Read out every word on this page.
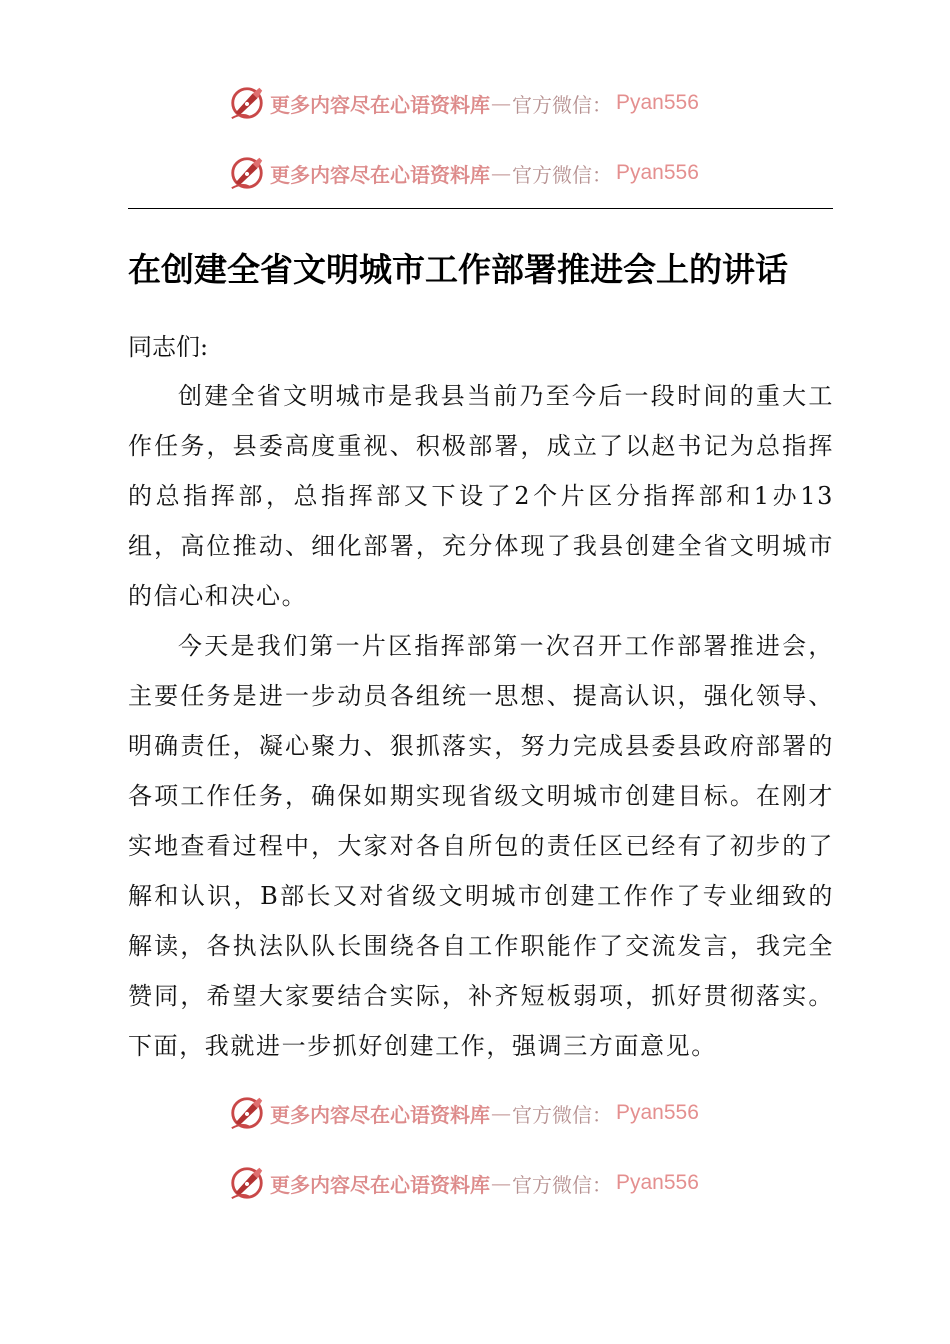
更多内容尽在心语资料库 — 官方微信： Pyan556
更多内容尽在心语资料库 — 官方微信： Pyan556
在创建全省文明城市工作部署推进会上的讲话

同志们:

创建全省文明城市是我县当前乃至今后一段时间的重大工作任务，县委高度重视、积极部署，成立了以赵书记为总指挥的总指挥部，总指挥部又下设了2个片区分指挥部和1办13组，高位推动、细化部署，充分体现了我县创建全省文明城市的信心和决心。

今天是我们第一片区指挥部第一次召开工作部署推进会，主要任务是进一步动员各组统一思想、提高认识，强化领导、明确责任，凝心聚力、狠抓落实，努力完成县委县政府部署的各项工作任务，确保如期实现省级文明城市创建目标。在刚才实地查看过程中，大家对各自所包的责任区已经有了初步的了解和认识，B部长又对省级文明城市创建工作作了专业细致的解读，各执法队队长围绕各自工作职能作了交流发言，我完全赞同，希望大家要结合实际，补齐短板弱项，抓好贯彻落实。下面，我就进一步抓好创建工作，强调三方面意见。

更多内容尽在心语资料库 — 官方微信： Pyan556
更多内容尽在心语资料库 — 官方微信： Pyan556
